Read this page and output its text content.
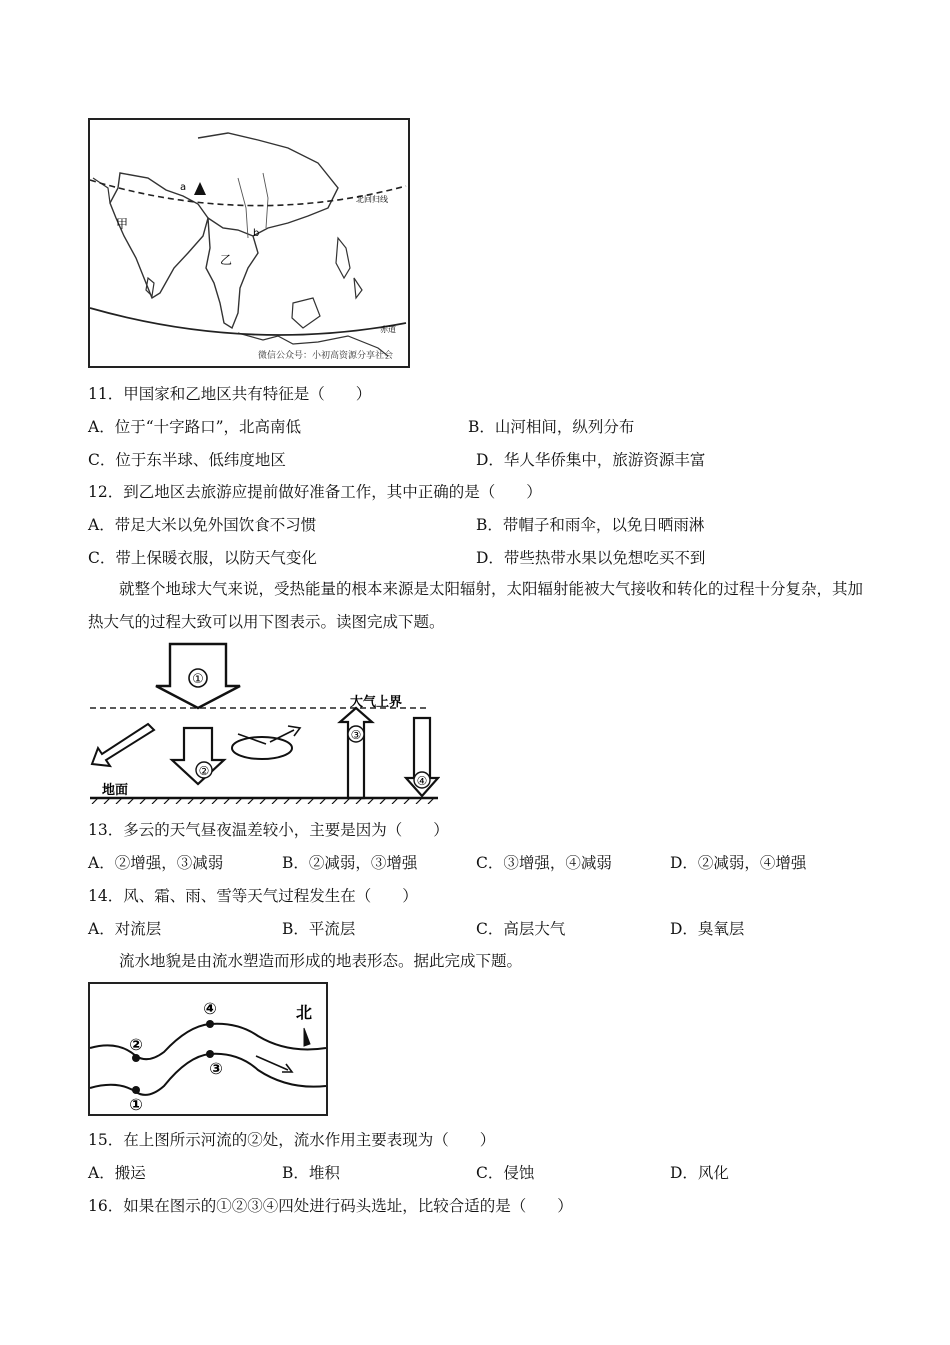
a
甲
乙
b
北回归线
赤道
微信公众号：小初高资源分享社会
11．甲国家和乙地区共有特征是（　　）
A．位于“十字路口”，北高南低	B．山河相间，纵列分布
C．位于东半球、低纬度地区	D．华人华侨集中，旅游资源丰富
12．到乙地区去旅游应提前做好准备工作，其中正确的是（　　）
A．带足大米以免外国饮食不习惯	B．带帽子和雨伞，以免日晒雨淋
C．带上保暖衣服，以防天气变化	D．带些热带水果以免想吃买不到
就整个地球大气来说，受热能量的根本来源是太阳辐射，太阳辐射能被大气接收和转化的过程十分复杂，其加热大气的过程大致可以用下图表示。读图完成下题。
①
②
③
④
大气上界
地面
13．多云的天气昼夜温差较小，主要是因为（　　）
A．②增强，③减弱	B．②减弱，③增强	C．③增强，④减弱	D．②减弱，④增强
14．风、霜、雨、雪等天气过程发生在（　　）
A．对流层	B．平流层	C．高层大气	D．臭氧层
流水地貌是由流水塑造而形成的地表形态。据此完成下题。
②
①
④
③
北
15．在上图所示河流的②处，流水作用主要表现为（　　）
A．搬运	B．堆积	C．侵蚀	D．风化
16．如果在图示的①②③④四处进行码头选址，比较合适的是（　　）
